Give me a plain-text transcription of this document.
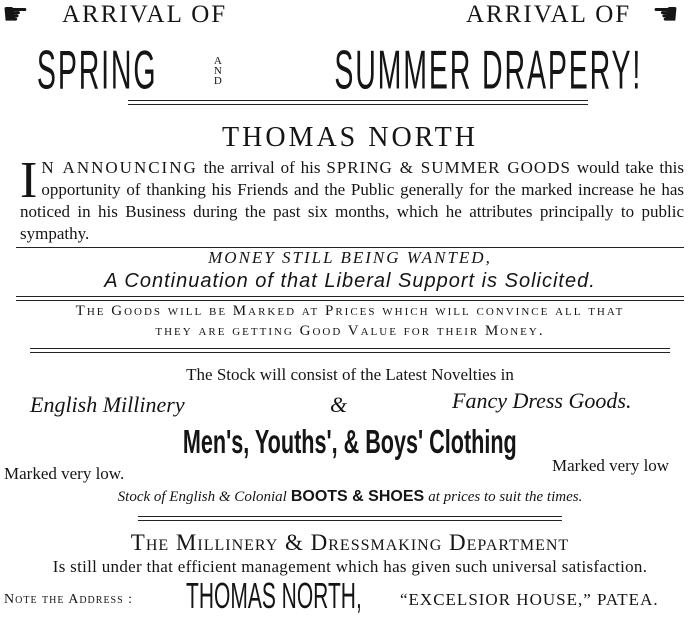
☛ ARRIVAL OF	ARRIVAL OF ☚
SPRING	AND SUMMER DRAPERY!
THOMAS NORTH
I N ANNOUNCING the arrival of his SPRING & SUMMER GOODS would take this opportunity of thanking his Friends and the Public generally for the marked increase he has noticed in his Business during the past six months, which he attributes principally to public sympathy.

MONEY STILL BEING WANTED,
A Continuation of that Liberal Support is Solicited.
The Goods will be Marked at Prices which will convince all that
they are getting Good Value for their Money.
The Stock will consist of the Latest Novelties in
English Millinery	&	Fancy Dress Goods.
Men's, Youths', & Boys' Clothing
Marked very low.	Marked very low
Stock of English & Colonial BOOTS & SHOES at prices to suit the times.
The Millinery & Dressmaking Department
Is still under that efficient management which has given such universal satisfaction.
Note the Address : THOMAS NORTH,	“EXCELSIOR HOUSE,” PATEA.
